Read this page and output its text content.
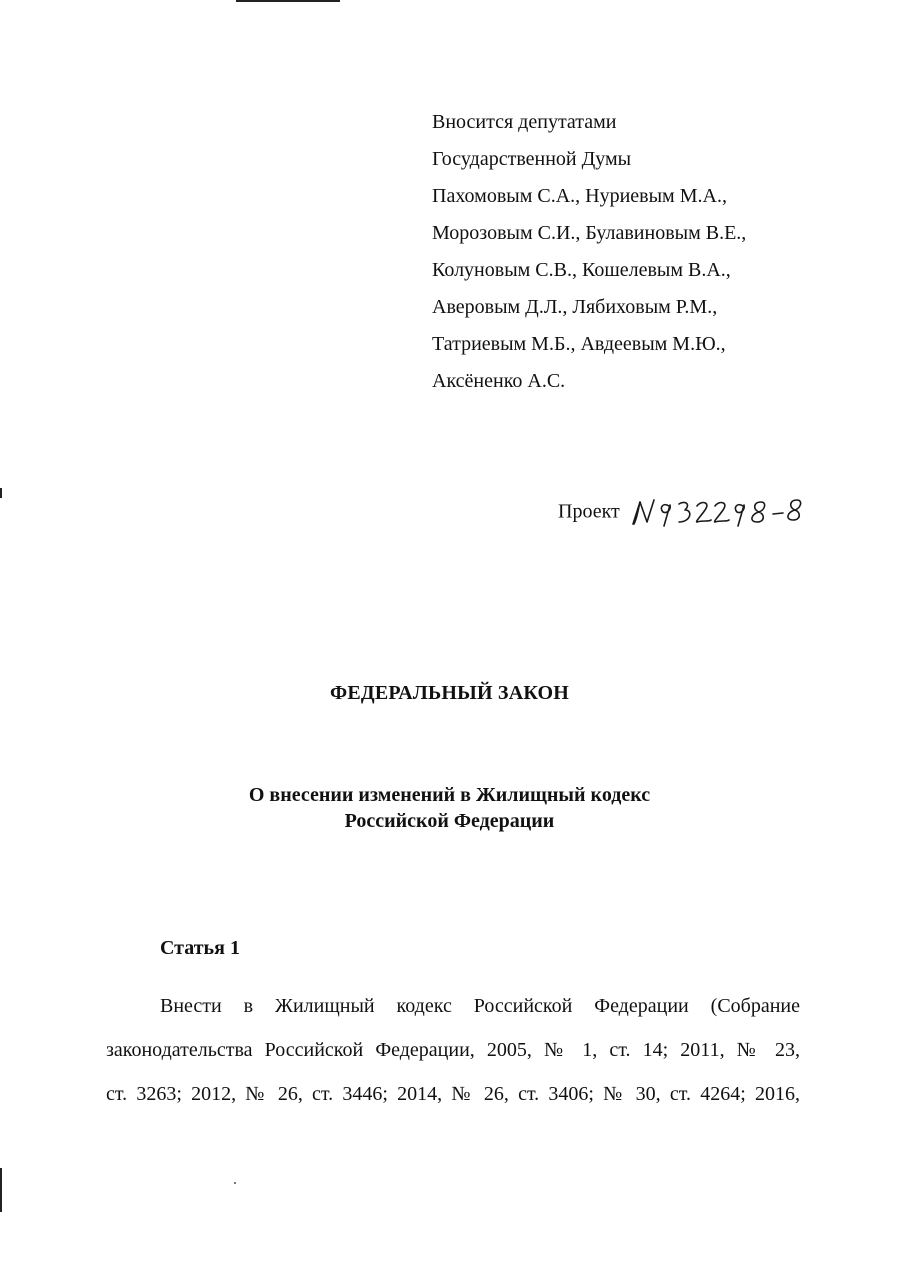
Вносится депутатами
Государственной Думы
Пахомовым С.А., Нуриевым М.А.,
Морозовым С.И., Булавиновым В.Е.,
Колуновым С.В., Кошелевым В.А.,
Аверовым Д.Л., Лябиховым Р.М.,
Татриевым М.Б., Авдеевым М.Ю.,
Аксёненко А.С.
Проект
ФЕДЕРАЛЬНЫЙ ЗАКОН
О внесении изменений в Жилищный кодекс
Российской Федерации
Статья 1
Внести в Жилищный кодекс Российской Федерации (Собрание
законодательства Российской Федерации, 2005, № 1, ст. 14; 2011, № 23,
ст. 3263; 2012, № 26, ст. 3446; 2014, № 26, ст. 3406; № 30, ст. 4264; 2016,
